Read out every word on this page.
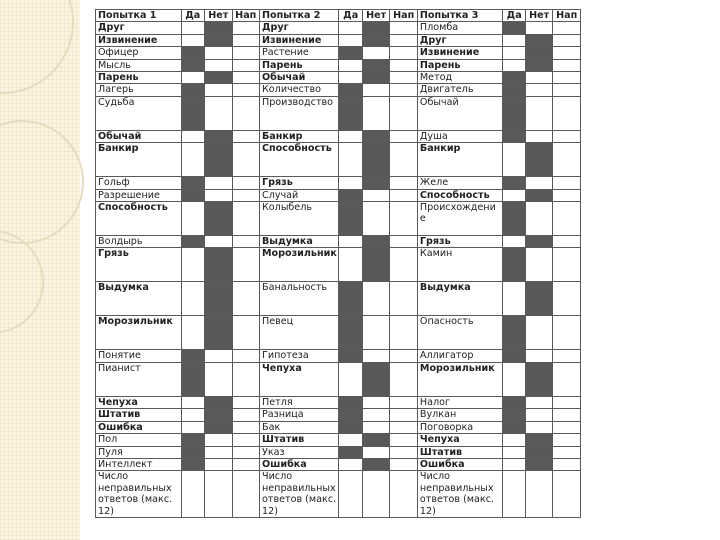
Попытка 1	Да	Нет	Нап	Попытка 2	Да	Нет	Нап	Попытка 3	Да	Нет	Нап
Друг				Друг				Пломба			
Извинение				Извинение				Друг			
Офицер				Растение				Извинение			
Мысль				Парень				Парень			
Парень				Обычай				Метод			
Лагерь				Количество				Двигатель			
Судьба				Производство				Обычай			
Обычай				Банкир				Душа			
Банкир				Способность				Банкир			
Гольф				Грязь				Желе			
Разрешение				Случай				Способность			
Способность				Колыбель				Происхождение			
Волдырь				Выдумка				Грязь			
Грязь				Морозильник				Камин			
Выдумка				Банальность				Выдумка			
Морозильник				Певец				Опасность			
Понятие				Гипотеза				Аллигатор			
Пианист				Чепуха				Морозильник			
Чепуха				Петля				Налог			
Штатив				Разница				Вулкан			
Ошибка				Бак				Поговорка			
Пол				Штатив				Чепуха			
Пуля				Указ				Штатив			
Интеллект				Ошибка				Ошибка			
Число неправильных ответов (макс. 12)				Число неправильных ответов (макс. 12)				Число неправильных ответов (макс. 12)			
